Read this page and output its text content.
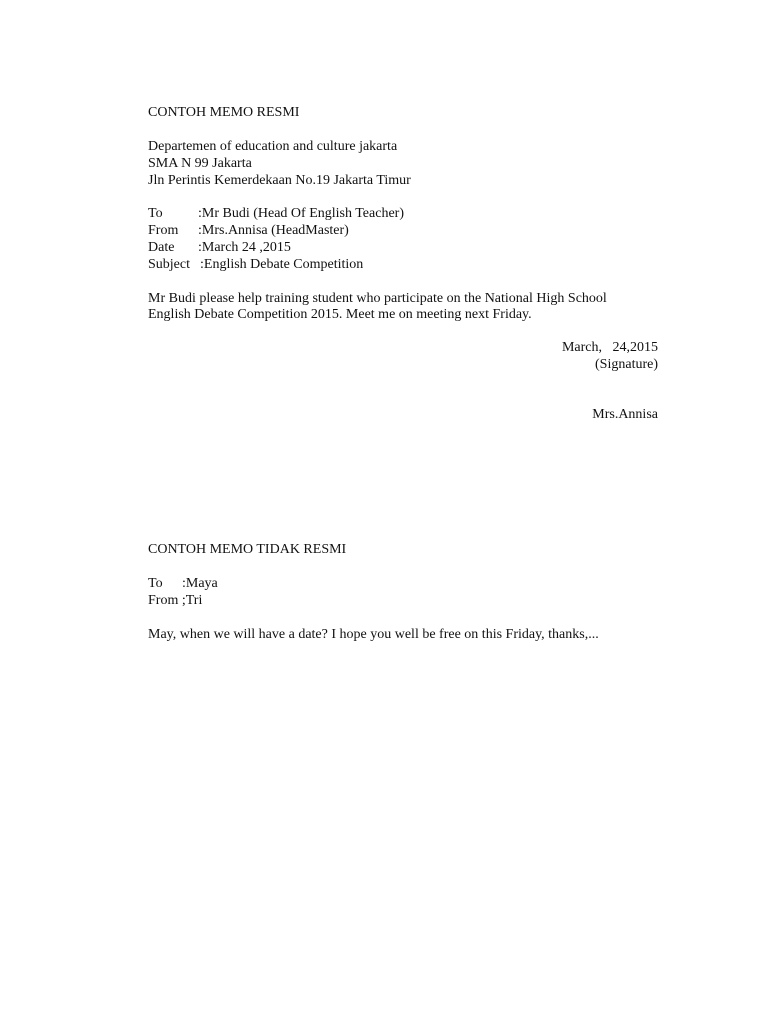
CONTOH MEMO RESMI
Departemen of education and culture jakarta
SMA N 99 Jakarta
Jln Perintis Kemerdekaan No.19 Jakarta Timur
To	:Mr Budi (Head Of English Teacher)
From :Mrs.Annisa (HeadMaster)
Date :March 24 ,2015
Subject :English Debate Competition
Mr Budi please help training student who participate on the National High School
English Debate Competition 2015. Meet me on meeting next Friday.
March,   24,2015
(Signature)
Mrs.Annisa
CONTOH MEMO TIDAK RESMI
To :Maya
From ;Tri
May, when we will have a date? I hope you well be free on this Friday, thanks,...
